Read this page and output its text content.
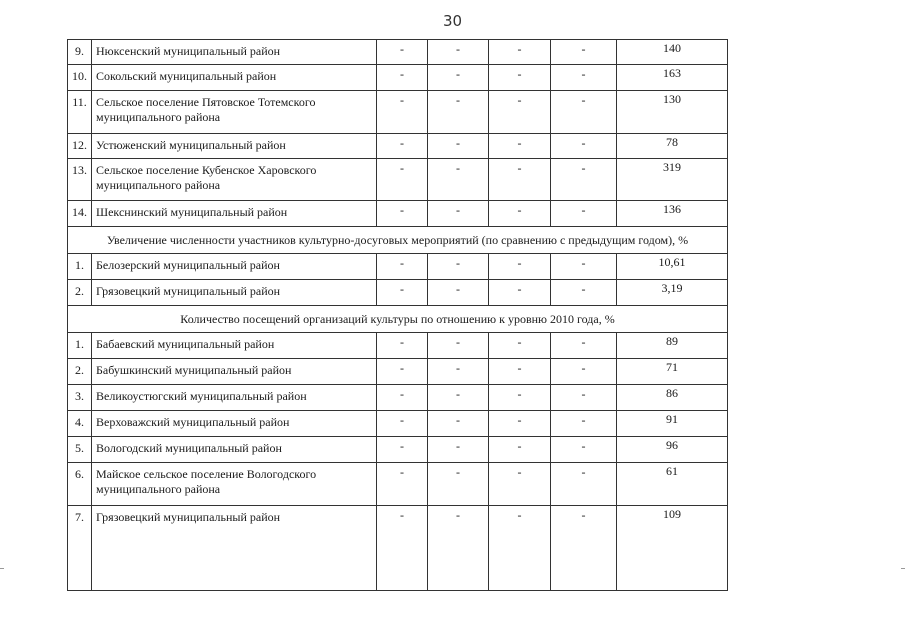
30
9.	Нюксенский муниципальный район	-	-	-	-	140
10.	Сокольский муниципальный район	-	-	-	-	163
11.	Сельское поселение Пятовское Тотемского муниципального района	-	-	-	-	130
12.	Устюженский муниципальный район	-	-	-	-	78
13.	Сельское поселение Кубенское Харовского муниципального района	-	-	-	-	319
14.	Шекснинский муниципальный район	-	-	-	-	136
Увеличение численности участников культурно-досуговых мероприятий (по сравнению с предыдущим годом), %						
1.	Белозерский муниципальный район	-	-	-	-	10,61
2.	Грязовецкий муниципальный район	-	-	-	-	3,19
Количество посещений организаций культуры по отношению к уровню 2010 года, %						
1.	Бабаевский муниципальный район	-	-	-	-	89
2.	Бабушкинский муниципальный район	-	-	-	-	71
3.	Великоустюгский муниципальный район	-	-	-	-	86
4.	Верховажский муниципальный район	-	-	-	-	91
5.	Вологодский муниципальный район	-	-	-	-	96
6.	Майское сельское поселение Вологодского муниципального района	-	-	-	-	61
7.	Грязовецкий муниципальный район	-	-	-	-	109
